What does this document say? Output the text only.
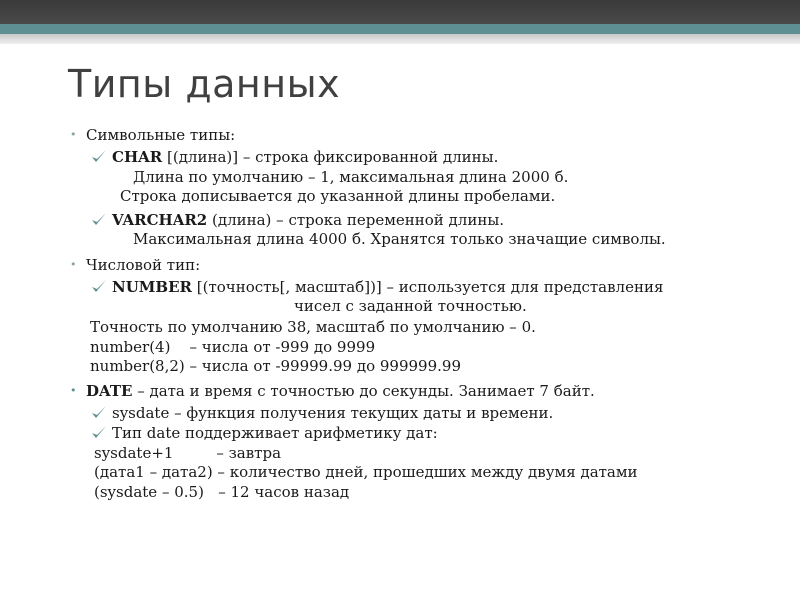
Типы данных
• Символьные типы:
CHAR [(длина)] – строка фиксированной длины.
Длина по умолчанию – 1, максимальная длина 2000 б.
Строка дописывается до указанной длины пробелами.
VARCHAR2 (длина) – строка переменной длины.
Максимальная длина 4000 б. Хранятся только значащие символы.
• Числовой тип:
NUMBER [(точность[, масштаб])] – используется для представления
чисел с заданной точностью.
Точность по умолчанию 38, масштаб по умолчанию – 0.
number(4)    – числа от -999 до 9999
number(8,2) – числа от -99999.99 до 999999.99
• DATE – дата и время с точностью до секунды. Занимает 7 байт.
sysdate – функция получения текущих даты и времени.
Тип date поддерживает арифметику дат:
sysdate+1         – завтра
(дата1 – дата2) – количество дней, прошедших между двумя датами
(sysdate – 0.5)   – 12 часов назад
